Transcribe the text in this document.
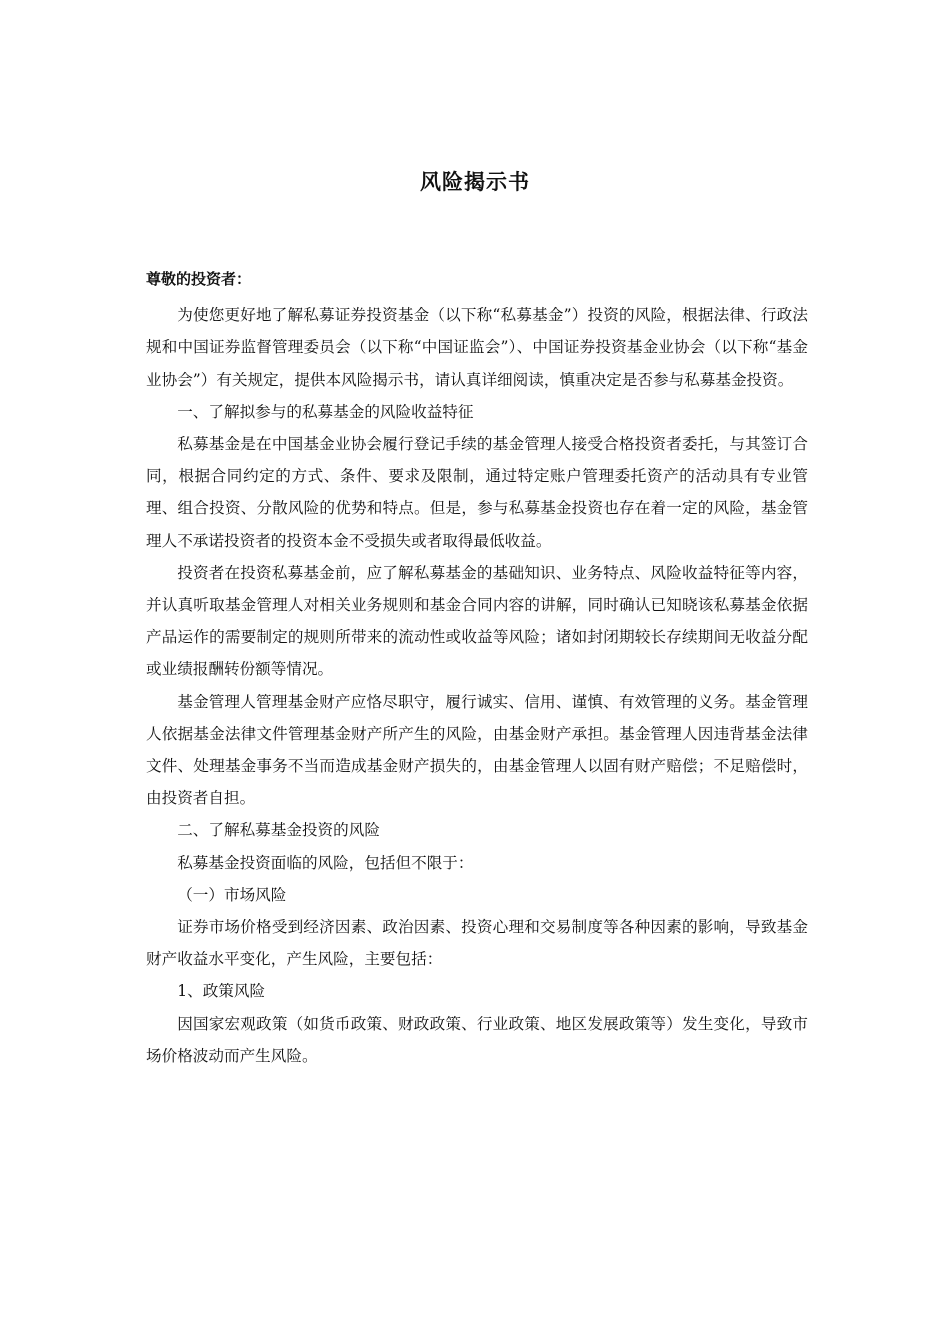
风险揭示书

尊敬的投资者：

为使您更好地了解私募证券投资基金（以下称“私募基金”）投资的风险，根据法律、行政法规和中国证券监督管理委员会（以下称“中国证监会”）、中国证券投资基金业协会（以下称“基金业协会”）有关规定，提供本风险揭示书，请认真详细阅读，慎重决定是否参与私募基金投资。

一、了解拟参与的私募基金的风险收益特征

私募基金是在中国基金业协会履行登记手续的基金管理人接受合格投资者委托，与其签订合同，根据合同约定的方式、条件、要求及限制，通过特定账户管理委托资产的活动具有专业管理、组合投资、分散风险的优势和特点。但是，参与私募基金投资也存在着一定的风险，基金管理人不承诺投资者的投资本金不受损失或者取得最低收益。

投资者在投资私募基金前，应了解私募基金的基础知识、业务特点、风险收益特征等内容，并认真听取基金管理人对相关业务规则和基金合同内容的讲解，同时确认已知晓该私募基金依据产品运作的需要制定的规则所带来的流动性或收益等风险；诸如封闭期较长存续期间无收益分配或业绩报酬转份额等情况。

基金管理人管理基金财产应恪尽职守，履行诚实、信用、谨慎、有效管理的义务。基金管理人依据基金法律文件管理基金财产所产生的风险，由基金财产承担。基金管理人因违背基金法律文件、处理基金事务不当而造成基金财产损失的，由基金管理人以固有财产赔偿；不足赔偿时，由投资者自担。

二、了解私募基金投资的风险

私募基金投资面临的风险，包括但不限于：

（一）市场风险

证券市场价格受到经济因素、政治因素、投资心理和交易制度等各种因素的影响，导致基金财产收益水平变化，产生风险，主要包括：

1、政策风险

因国家宏观政策（如货币政策、财政政策、行业政策、地区发展政策等）发生变化，导致市场价格波动而产生风险。
